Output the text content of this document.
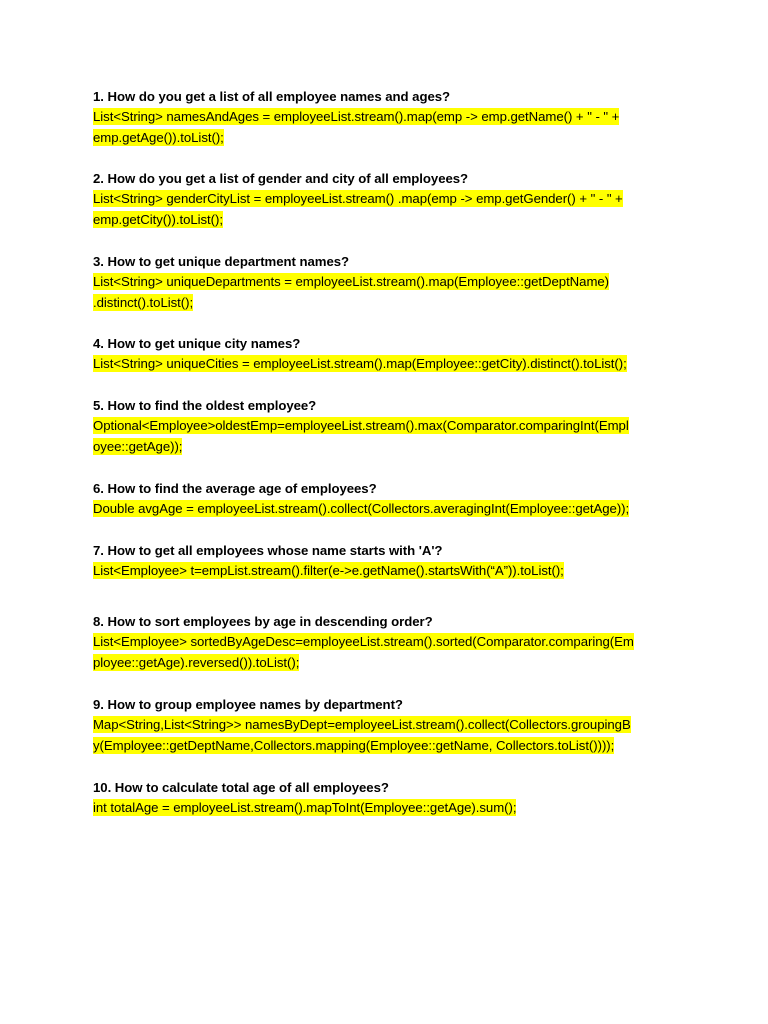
1. How do you get a list of all employee names and ages?
List<String> namesAndAges = employeeList.stream().map(emp -> emp.getName() + " - " +
emp.getAge()).toList();
2. How do you get a list of gender and city of all employees?
List<String> genderCityList = employeeList.stream() .map(emp -> emp.getGender() + " - " +
emp.getCity()).toList();
3. How to get unique department names?
List<String> uniqueDepartments = employeeList.stream().map(Employee::getDeptName)
.distinct().toList();
4. How to get unique city names?
List<String> uniqueCities = employeeList.stream().map(Employee::getCity).distinct().toList();
5. How to find the oldest employee?
Optional<Employee>oldestEmp=employeeList.stream().max(Comparator.comparingInt(Empl
oyee::getAge));
6. How to find the average age of employees?
Double avgAge = employeeList.stream().collect(Collectors.averagingInt(Employee::getAge));
7. How to get all employees whose name starts with 'A'?
List<Employee> t=empList.stream().filter(e->e.getName().startsWith(“A”)).toList();
8. How to sort employees by age in descending order?
List<Employee> sortedByAgeDesc=employeeList.stream().sorted(Comparator.comparing(Em
ployee::getAge).reversed()).toList();
9. How to group employee names by department?
Map<String,List<String>> namesByDept=employeeList.stream().collect(Collectors.groupingB
y(Employee::getDeptName,Collectors.mapping(Employee::getName, Collectors.toList())));
10. How to calculate total age of all employees?
int totalAge = employeeList.stream().mapToInt(Employee::getAge).sum();
